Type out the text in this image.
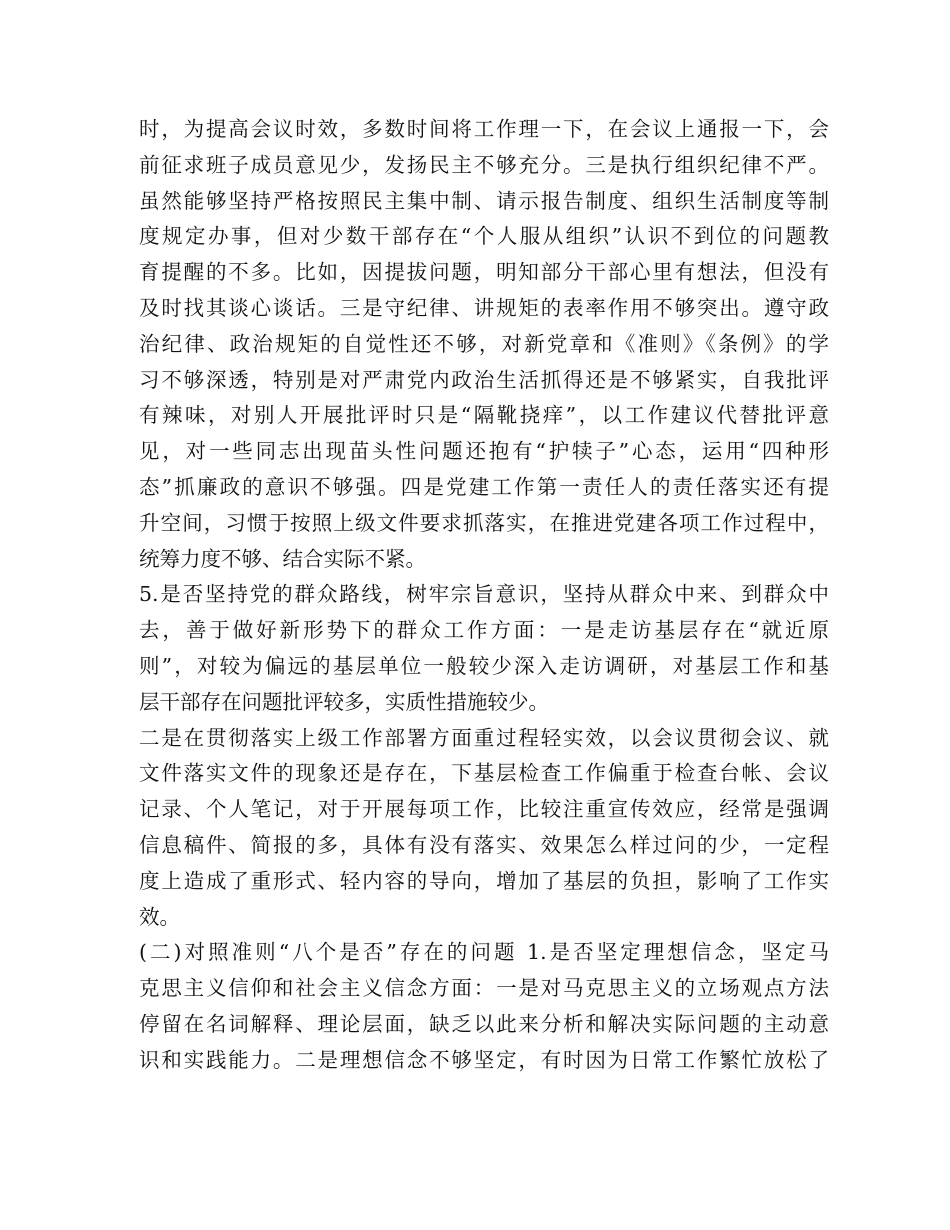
时，为提高会议时效，多数时间将工作理一下，在会议上通报一下，会
前征求班子成员意见少，发扬民主不够充分。三是执行组织纪律不严。
虽然能够坚持严格按照民主集中制、请示报告制度、组织生活制度等制
度规定办事，但对少数干部存在“个人服从组织”认识不到位的问题教
育提醒的不多。比如，因提拔问题，明知部分干部心里有想法，但没有
及时找其谈心谈话。三是守纪律、讲规矩的表率作用不够突出。遵守政
治纪律、政治规矩的自觉性还不够，对新党章和《准则》《条例》的学
习不够深透，特别是对严肃党内政治生活抓得还是不够紧实，自我批评
有辣味，对别人开展批评时只是“隔靴挠痒”，以工作建议代替批评意
见，对一些同志出现苗头性问题还抱有“护犊子”心态，运用“四种形
态”抓廉政的意识不够强。四是党建工作第一责任人的责任落实还有提
升空间，习惯于按照上级文件要求抓落实，在推进党建各项工作过程中，
统筹力度不够、结合实际不紧。
5.是否坚持党的群众路线，树牢宗旨意识，坚持从群众中来、到群众中
去，善于做好新形势下的群众工作方面：一是走访基层存在“就近原
则”，对较为偏远的基层单位一般较少深入走访调研，对基层工作和基
层干部存在问题批评较多，实质性措施较少。
二是在贯彻落实上级工作部署方面重过程轻实效，以会议贯彻会议、就
文件落实文件的现象还是存在，下基层检查工作偏重于检查台帐、会议
记录、个人笔记，对于开展每项工作，比较注重宣传效应，经常是强调
信息稿件、简报的多，具体有没有落实、效果怎么样过问的少，一定程
度上造成了重形式、轻内容的导向，增加了基层的负担，影响了工作实
效。
(二)对照准则“八个是否”存在的问题 1.是否坚定理想信念，坚定马
克思主义信仰和社会主义信念方面：一是对马克思主义的立场观点方法
停留在名词解释、理论层面，缺乏以此来分析和解决实际问题的主动意
识和实践能力。二是理想信念不够坚定，有时因为日常工作繁忙放松了
